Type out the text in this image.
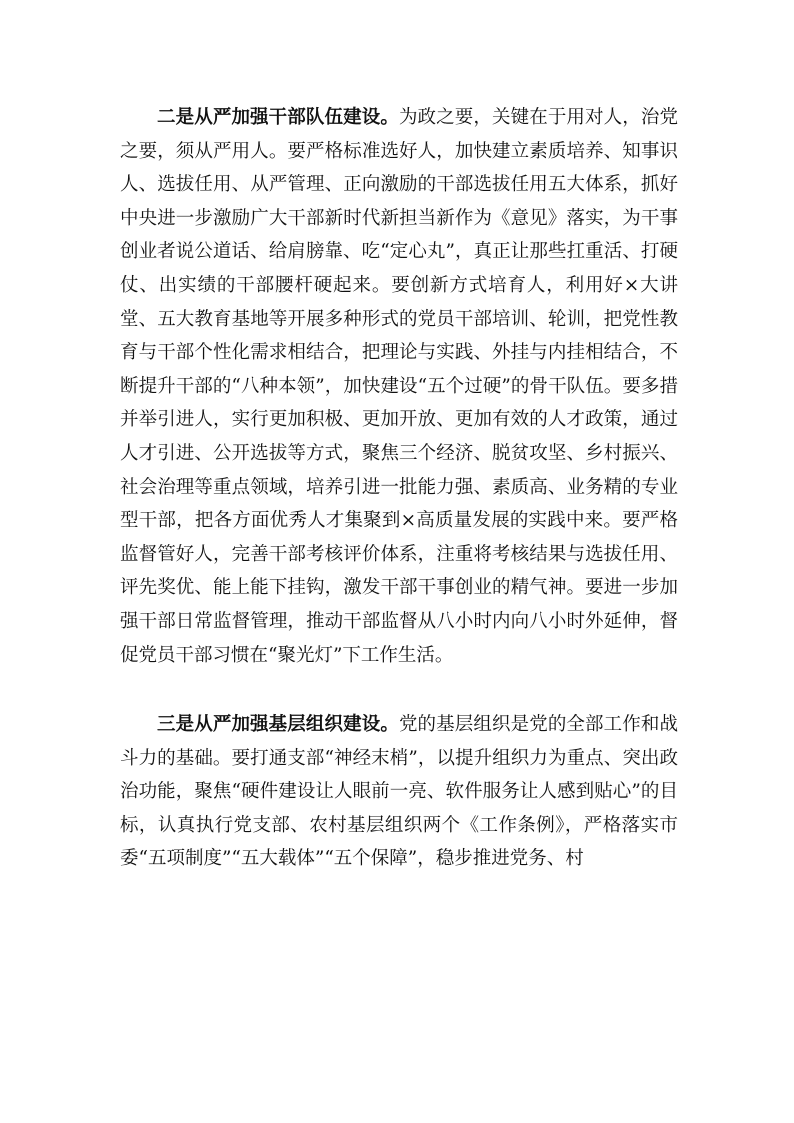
二是从严加强干部队伍建设。为政之要，关键在于用对人，治党之要，须从严用人。要严格标准选好人，加快建立素质培养、知事识人、选拔任用、从严管理、正向激励的干部选拔任用五大体系，抓好中央进一步激励广大干部新时代新担当新作为《意见》落实，为干事创业者说公道话、给肩膀靠、吃“定心丸”，真正让那些扛重活、打硬仗、出实绩的干部腰杆硬起来。要创新方式培育人，利用好×大讲堂、五大教育基地等开展多种形式的党员干部培训、轮训，把党性教育与干部个性化需求相结合，把理论与实践、外挂与内挂相结合，不断提升干部的“八种本领”，加快建设“五个过硬”的骨干队伍。要多措并举引进人，实行更加积极、更加开放、更加有效的人才政策，通过人才引进、公开选拔等方式，聚焦三个经济、脱贫攻坚、乡村振兴、社会治理等重点领域，培养引进一批能力强、素质高、业务精的专业型干部，把各方面优秀人才集聚到×高质量发展的实践中来。要严格监督管好人，完善干部考核评价体系，注重将考核结果与选拔任用、评先奖优、能上能下挂钩，激发干部干事创业的精气神。要进一步加强干部日常监督管理，推动干部监督从八小时内向八小时外延伸，督促党员干部习惯在“聚光灯”下工作生活。

三是从严加强基层组织建设。党的基层组织是党的全部工作和战斗力的基础。要打通支部“神经末梢”，以提升组织力为重点、突出政治功能，聚焦“硬件建设让人眼前一亮、软件服务让人感到贴心”的目标，认真执行党支部、农村基层组织两个《工作条例》，严格落实市委“五项制度”“五大载体”“五个保障”，稳步推进党务、村
